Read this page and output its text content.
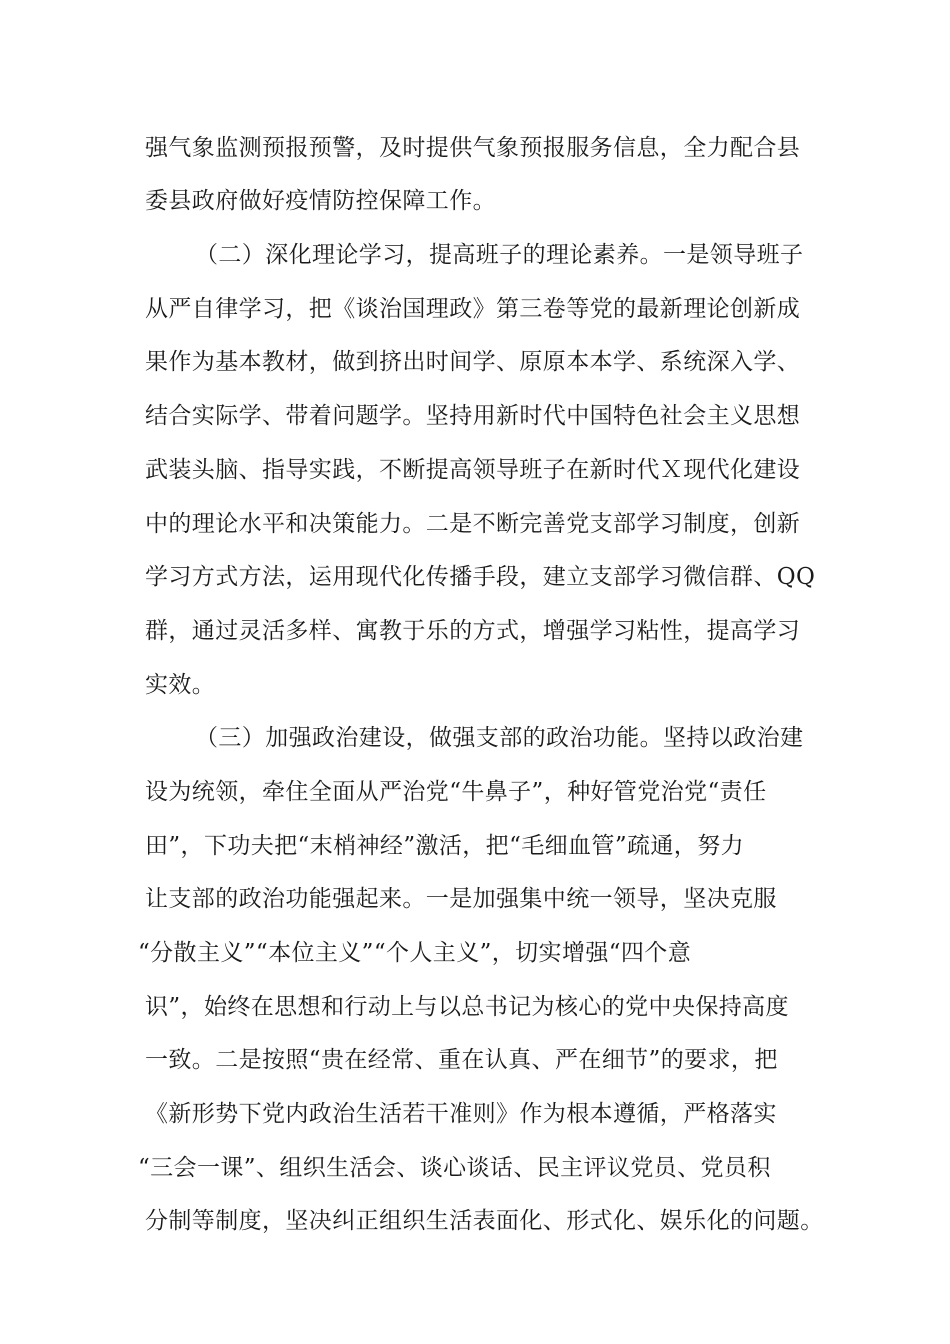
强气象监测预报预警，及时提供气象预报服务信息，全力配合县
委县政府做好疫情防控保障工作。
（二）深化理论学习，提高班子的理论素养。一是领导班子
从严自律学习，把《谈治国理政》第三卷等党的最新理论创新成
果作为基本教材，做到挤出时间学、原原本本学、系统深入学、
结合实际学、带着问题学。坚持用新时代中国特色社会主义思想
武装头脑、指导实践，不断提高领导班子在新时代Ｘ现代化建设
中的理论水平和决策能力。二是不断完善党支部学习制度，创新
学习方式方法，运用现代化传播手段，建立支部学习微信群、QQ
群，通过灵活多样、寓教于乐的方式，增强学习粘性，提高学习
实效。
（三）加强政治建设，做强支部的政治功能。坚持以政治建
设为统领，牵住全面从严治党“牛鼻子”，种好管党治党“责任
田”，下功夫把“末梢神经”激活，把“毛细血管”疏通，努力
让支部的政治功能强起来。一是加强集中统一领导，坚决克服
“分散主义”“本位主义”“个人主义”，切实增强“四个意
识”，始终在思想和行动上与以总书记为核心的党中央保持高度
一致。二是按照“贵在经常、重在认真、严在细节”的要求，把
《新形势下党内政治生活若干准则》作为根本遵循，严格落实
“三会一课”、组织生活会、谈心谈话、民主评议党员、党员积
分制等制度，坚决纠正组织生活表面化、形式化、娱乐化的问题。
